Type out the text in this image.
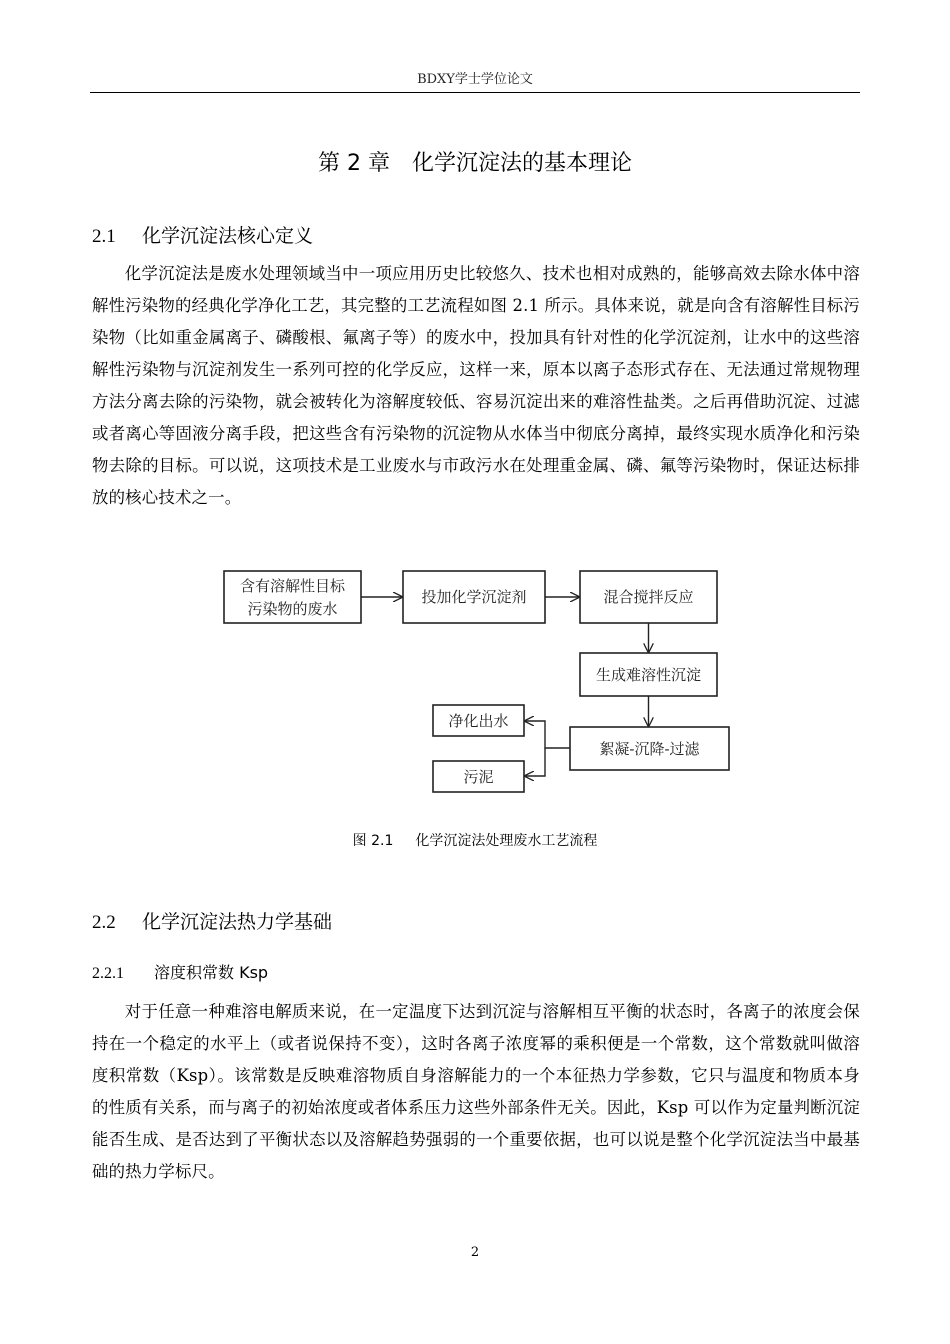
BDXY学士学位论文
第 2 章 化学沉淀法的基本理论
2.1 化学沉淀法核心定义
化学沉淀法是废水处理领域当中一项应用历史比较悠久、技术也相对成熟的，能够高效去除水体中溶解性污染物的经典化学净化工艺，其完整的工艺流程如图 2.1 所示。具体来说，就是向含有溶解性目标污染物（比如重金属离子、磷酸根、氟离子等）的废水中，投加具有针对性的化学沉淀剂，让水中的这些溶解性污染物与沉淀剂发生一系列可控的化学反应，这样一来，原本以离子态形式存在、无法通过常规物理方法分离去除的污染物，就会被转化为溶解度较低、容易沉淀出来的难溶性盐类。之后再借助沉淀、过滤或者离心等固液分离手段，把这些含有污染物的沉淀物从水体当中彻底分离掉，最终实现水质净化和污染物去除的目标。可以说，这项技术是工业废水与市政污水在处理重金属、磷、氟等污染物时，保证达标排放的核心技术之一。
含有溶解性目标
污染物的废水
投加化学沉淀剂	混合搅拌反应
生成难溶性沉淀
絮凝-沉降-过滤
净化出水
污泥
图 2.1 化学沉淀法处理废水工艺流程
2.2 化学沉淀法热力学基础
2.2.1 溶度积常数 Ksp
对于任意一种难溶电解质来说，在一定温度下达到沉淀与溶解相互平衡的状态时，各离子的浓度会保持在一个稳定的水平上（或者说保持不变），这时各离子浓度幂的乘积便是一个常数，这个常数就叫做溶度积常数（Ksp）。该常数是反映难溶物质自身溶解能力的一个本征热力学参数，它只与温度和物质本身的性质有关系，而与离子的初始浓度或者体系压力这些外部条件无关。因此，Ksp 可以作为定量判断沉淀能否生成、是否达到了平衡状态以及溶解趋势强弱的一个重要依据，也可以说是整个化学沉淀法当中最基础的热力学标尺。
2
